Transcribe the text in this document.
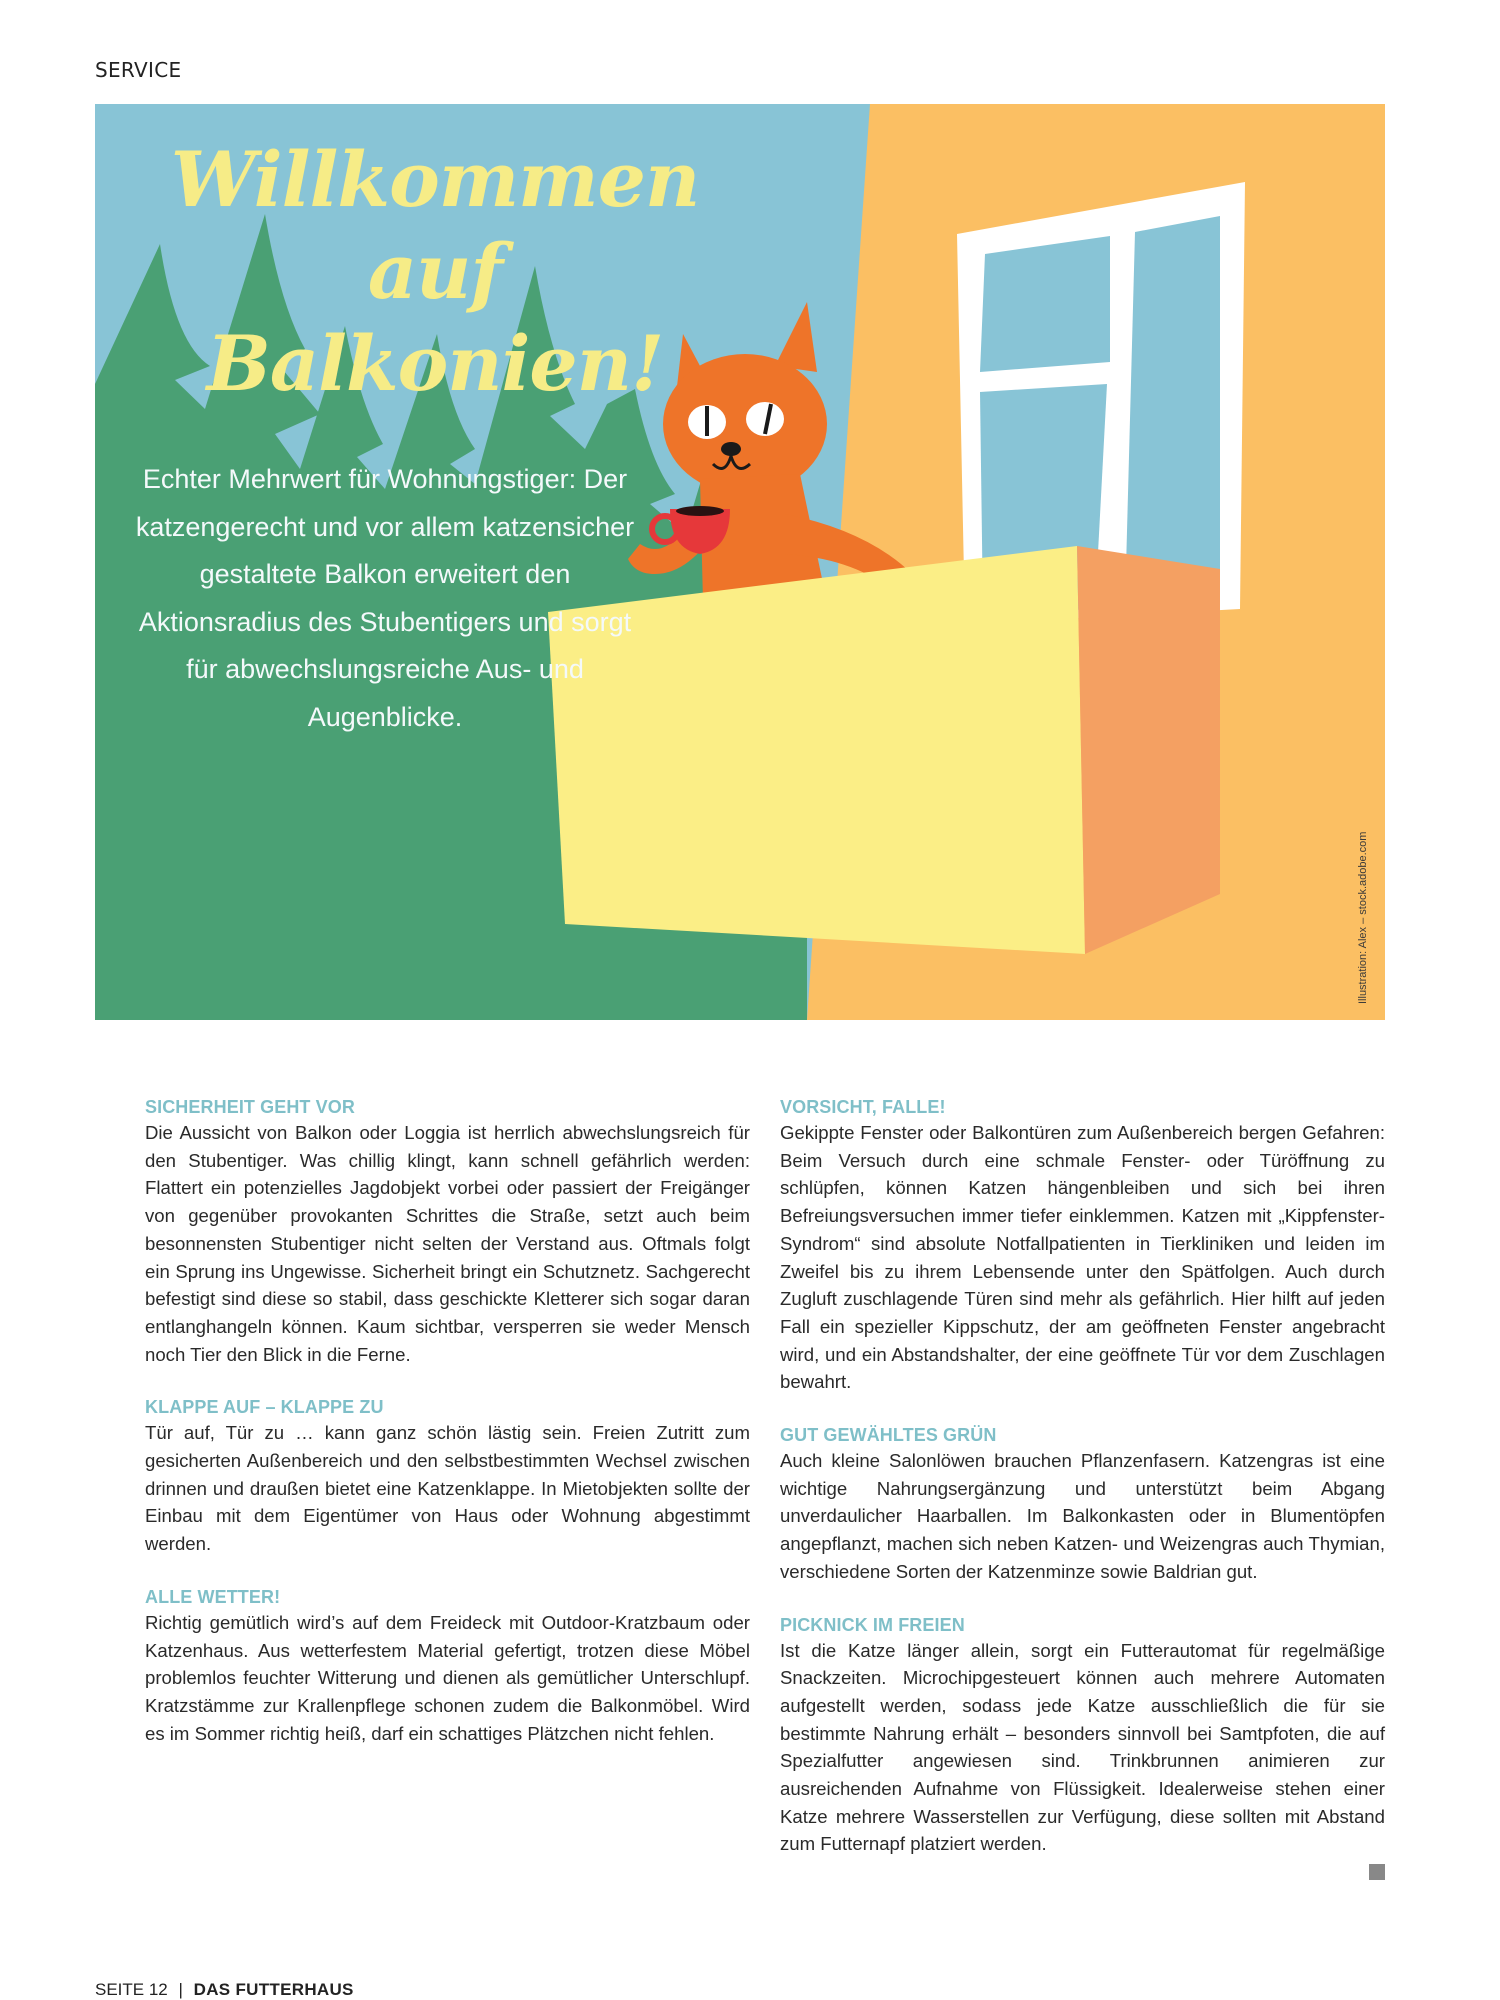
SERVICE
Willkommen
auf Balkonien!
Echter Mehrwert für Wohnungstiger: Der katzengerecht und vor allem katzensicher gestaltete Balkon erweitert den Aktionsradius des Stubentigers und sorgt für abwechslungsreiche Aus- und Augenblicke.
Illustration: Alex – stock.adobe.com
SICHERHEIT GEHT VOR

Die Aussicht von Balkon oder Loggia ist herrlich abwechslungsreich für den Stubentiger. Was chillig klingt, kann schnell gefährlich werden: Flattert ein potenzielles Jagdobjekt vorbei oder passiert der Freigänger von gegenüber provokanten Schrittes die Straße, setzt auch beim besonnensten Stubentiger nicht selten der Verstand aus. Oftmals folgt ein Sprung ins Ungewisse. Sicherheit bringt ein Schutznetz. Sachgerecht befestigt sind diese so stabil, dass geschickte Kletterer sich sogar daran entlanghangeln können. Kaum sichtbar, versperren sie weder Mensch noch Tier den Blick in die Ferne.

KLAPPE AUF – KLAPPE ZU

Tür auf, Tür zu … kann ganz schön lästig sein. Freien Zutritt zum gesicherten Außenbereich und den selbstbestimmten Wechsel zwischen drinnen und draußen bietet eine Katzenklappe. In Mietobjekten sollte der Einbau mit dem Eigentümer von Haus oder Wohnung abgestimmt werden.

ALLE WETTER!

Richtig gemütlich wird’s auf dem Freideck mit Outdoor-Kratzbaum oder Katzenhaus. Aus wetterfestem Material gefertigt, trotzen diese Möbel problemlos feuchter Witterung und dienen als gemütlicher Unterschlupf. Kratzstämme zur Krallenpflege schonen zudem die Balkonmöbel. Wird es im Sommer richtig heiß, darf ein schattiges Plätzchen nicht fehlen.

VORSICHT, FALLE!

Gekippte Fenster oder Balkontüren zum Außenbereich bergen Gefahren: Beim Versuch durch eine schmale Fenster- oder Türöffnung zu schlüpfen, können Katzen hängenbleiben und sich bei ihren Befreiungsversuchen immer tiefer einklemmen. Katzen mit „Kippfenster-Syndrom“ sind absolute Notfallpatienten in Tierkliniken und leiden im Zweifel bis zu ihrem Lebensende unter den Spätfolgen. Auch durch Zugluft zuschlagende Türen sind mehr als gefährlich. Hier hilft auf jeden Fall ein spezieller Kippschutz, der am geöffneten Fenster angebracht wird, und ein Abstandshalter, der eine geöffnete Tür vor dem Zuschlagen bewahrt.

GUT GEWÄHLTES GRÜN

Auch kleine Salonlöwen brauchen Pflanzenfasern. Katzengras ist eine wichtige Nahrungsergänzung und unterstützt beim Abgang unverdaulicher Haarballen. Im Balkonkasten oder in Blumentöpfen angepflanzt, machen sich neben Katzen- und Weizengras auch Thymian, verschiedene Sorten der Katzenminze sowie Baldrian gut.

PICKNICK IM FREIEN

Ist die Katze länger allein, sorgt ein Futterautomat für regelmäßige Snackzeiten. Microchipgesteuert können auch mehrere Automaten aufgestellt werden, sodass jede Katze ausschließlich die für sie bestimmte Nahrung erhält – besonders sinnvoll bei Samtpfoten, die auf Spezialfutter angewiesen sind. Trinkbrunnen animieren zur ausreichenden Aufnahme von Flüssigkeit. Idealerweise stehen einer Katze mehrere Wasserstellen zur Verfügung, diese sollten mit Abstand zum Futternapf platziert werden.

SEITE 12 | DAS FUTTERHAUS
